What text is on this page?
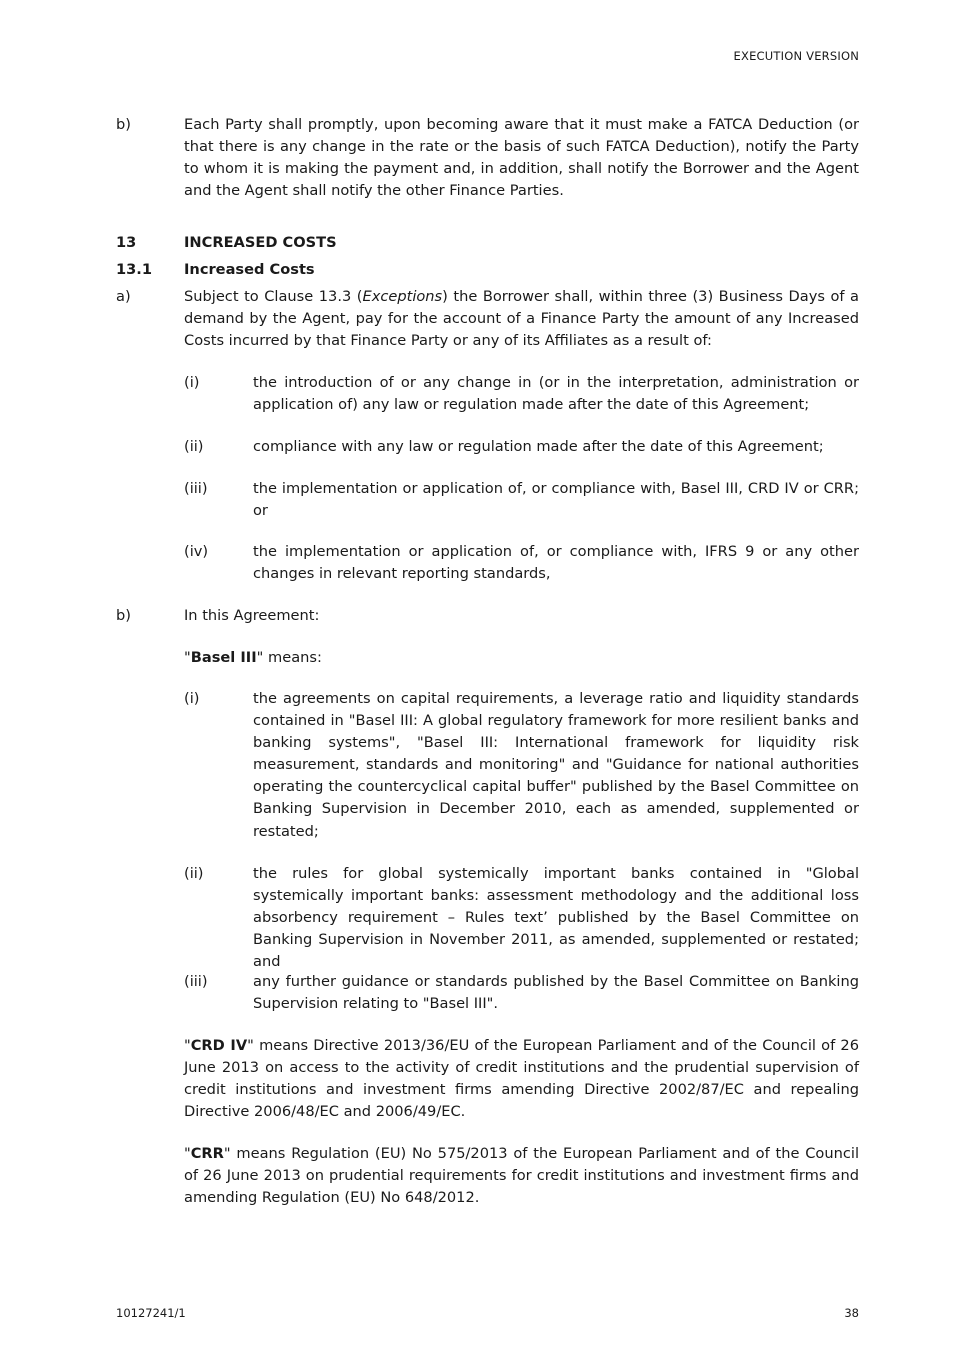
EXECUTION VERSION
b)	Each Party shall promptly, upon becoming aware that it must make a FATCA Deduction (or that there is any change in the rate or the basis of such FATCA Deduction), notify the Party to whom it is making the payment and, in addition, shall notify the Borrower and the Agent and the Agent shall notify the other Finance Parties.
13	INCREASED COSTS
13.1 Increased Costs
a)	Subject to Clause 13.3 (Exceptions) the Borrower shall, within three (3) Business Days of a demand by the Agent, pay for the account of a Finance Party the amount of any Increased Costs incurred by that Finance Party or any of its Affiliates as a result of:
(i)	the introduction of or any change in (or in the interpretation, administration or application of) any law or regulation made after the date of this Agreement;
(ii)	compliance with any law or regulation made after the date of this Agreement;
(iii)	the implementation or application of, or compliance with, Basel III, CRD IV or CRR; or
(iv)	the implementation or application of, or compliance with, IFRS 9 or any other changes in relevant reporting standards,
b)	In this Agreement:
"Basel III" means:
(i)	the agreements on capital requirements, a leverage ratio and liquidity standards contained in "Basel III: A global regulatory framework for more resilient banks and banking systems", "Basel III: International framework for liquidity risk measurement, standards and monitoring" and "Guidance for national authorities operating the countercyclical capital buffer" published by the Basel Committee on Banking Supervision in December 2010, each as amended, supplemented or restated;
(ii)	the rules for global systemically important banks contained in "Global systemically important banks: assessment methodology and the additional loss absorbency requirement – Rules text’ published by the Basel Committee on Banking Supervision in November 2011, as amended, supplemented or restated; and
(iii)	any further guidance or standards published by the Basel Committee on Banking Supervision relating to "Basel III".
"CRD IV" means Directive 2013/36/EU of the European Parliament and of the Council of 26 June 2013 on access to the activity of credit institutions and the prudential supervision of credit institutions and investment firms amending Directive 2002/87/EC and repealing Directive 2006/48/EC and 2006/49/EC.
"CRR" means Regulation (EU) No 575/2013 of the European Parliament and of the Council of 26 June 2013 on prudential requirements for credit institutions and investment firms and amending Regulation (EU) No 648/2012.
10127241/1	38
